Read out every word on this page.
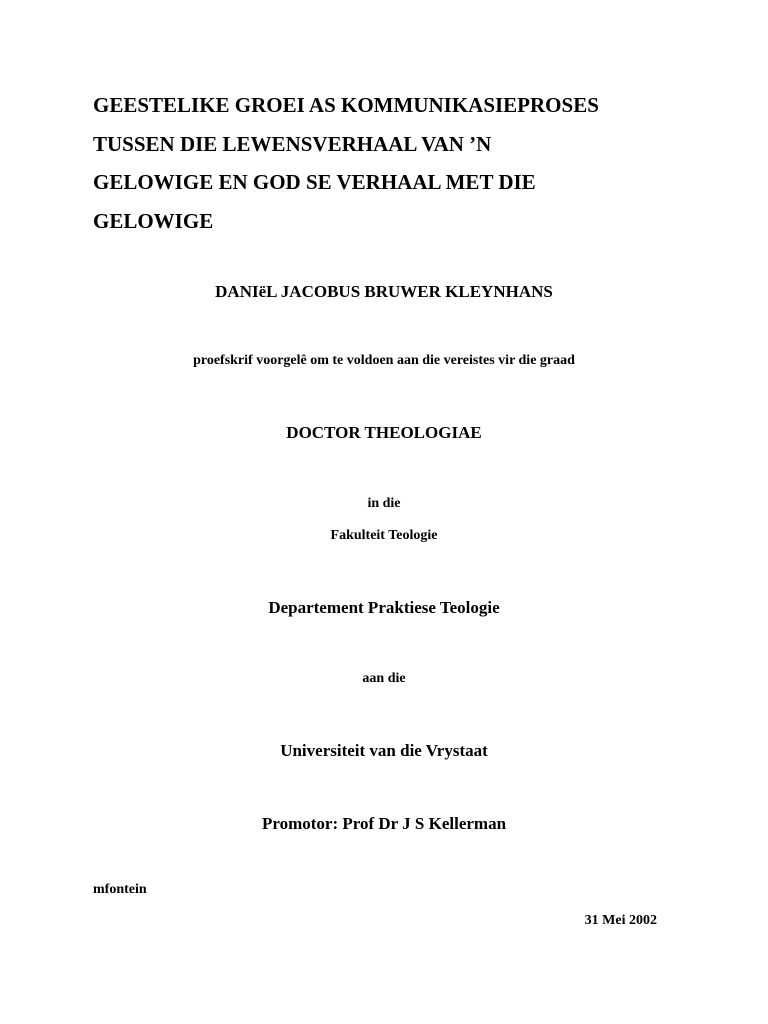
GEESTELIKE GROEI AS KOMMUNIKASIEPROSES
TUSSEN DIE LEWENSVERHAAL VAN ’N
GELOWIGE EN GOD SE VERHAAL MET DIE
GELOWIGE

DANIëL JACOBUS BRUWER KLEYNHANS

proefskrif voorgelê om te voldoen aan die vereistes vir die graad

DOCTOR THEOLOGIAE

in die

Fakulteit Teologie

Departement Praktiese Teologie

aan die

Universiteit van die Vrystaat

Promotor: Prof Dr J S Kellerman

mfontein

31 Mei 2002
